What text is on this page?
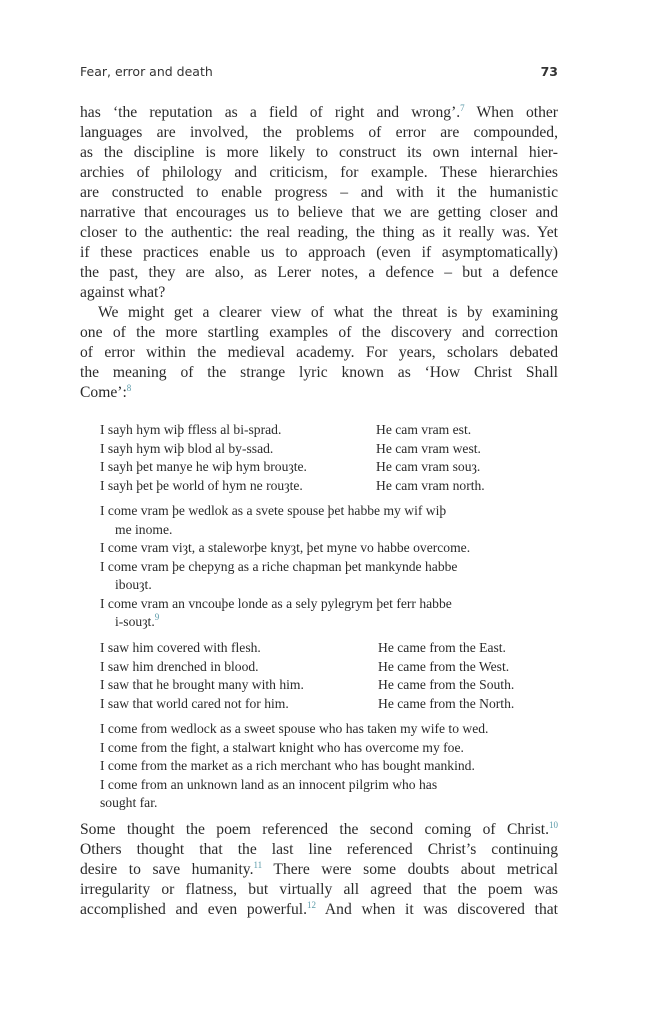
Fear, error and death	73
has ‘the reputation as a field of right and wrong’.$^7$ When other
languages are involved, the problems of error are compounded,
as the discipline is more likely to construct its own internal hier-
archies of philology and criticism, for example. These hierarchies
are constructed to enable progress – and with it the humanistic
narrative that encourages us to believe that we are getting closer and
closer to the authentic: the real reading, the thing as it really was. Yet
if these practices enable us to approach (even if asymptomatically)
the past, they are also, as Lerer notes, a defence – but a defence
against what?
We might get a clearer view of what the threat is by examining
one of the more startling examples of the discovery and correction
of error within the medieval academy. For years, scholars debated
the meaning of the strange lyric known as ‘How Christ Shall
Come’:$^8$
I sayh hym wiþ ffless al bi-sprad.	He cam vram est.
I sayh hym wiþ blod al by-ssad.	He cam vram west.
I sayh þet manye he wiþ hym brouȝte.	He cam vram souȝ.
I sayh þet þe world of hym ne rouȝte.	He cam vram north.
I come vram þe wedlok as a svete spouse þet habbe my wif wiþ
me inome.
I come vram viȝt, a staleworþe knyȝt, þet myne vo habbe overcome.
I come vram þe chepyng as a riche chapman þet mankynde habbe
ibouȝt.
I come vram an vncouþe londe as a sely pylegrym þet ferr habbe
i-souȝt.$^9$
I saw him covered with flesh.	He came from the East.
I saw him drenched in blood.	He came from the West.
I saw that he brought many with him.	He came from the South.
I saw that world cared not for him.	He came from the North.
I come from wedlock as a sweet spouse who has taken my wife to wed.
I come from the fight, a stalwart knight who has overcome my foe.
I come from the market as a rich merchant who has bought mankind.
I come from an unknown land as an innocent pilgrim who has
sought far.
Some thought the poem referenced the second coming of Christ.$^{10}$
Others thought that the last line referenced Christ’s continuing
desire to save humanity.$^{11}$ There were some doubts about metrical
irregularity or flatness, but virtually all agreed that the poem was
accomplished and even powerful.$^{12}$ And when it was discovered that
